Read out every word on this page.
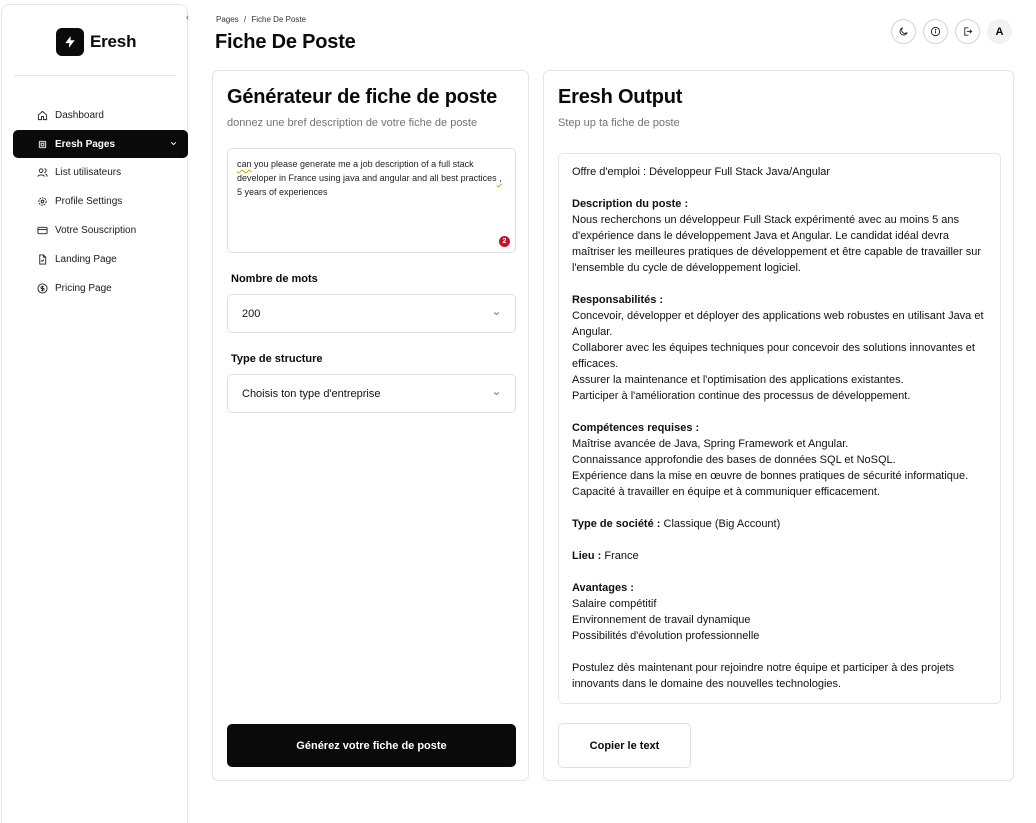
Eresh
Dashboard
Eresh Pages
List utilisateurs
Profile Settings
Votre Souscription
Landing Page
Pricing Page
‹	Pages / Fiche De Poste
Fiche De Poste	A
Générateur de fiche de poste
donnez une bref description de votre fiche de poste
can you please generate me a job description of a full stack developer in France using java and angular and all best practices , 5 years of experiences
2
Nombre de mots
200
Type de structure
Choisis ton type d'entreprise
Générez votre fiche de poste
Eresh Output
Step up ta fiche de poste

Offre d'emploi : Développeur Full Stack Java/Angular

Description du poste :
Nous recherchons un développeur Full Stack expérimenté avec au moins 5 ans d'expérience dans le développement Java et Angular. Le candidat idéal devra maîtriser les meilleures pratiques de développement et être capable de travailler sur l'ensemble du cycle de développement logiciel.

Responsabilités :
Concevoir, développer et déployer des applications web robustes en utilisant Java et Angular.
Collaborer avec les équipes techniques pour concevoir des solutions innovantes et efficaces.
Assurer la maintenance et l'optimisation des applications existantes.
Participer à l'amélioration continue des processus de développement.

Compétences requises :
Maîtrise avancée de Java, Spring Framework et Angular.
Connaissance approfondie des bases de données SQL et NoSQL.
Expérience dans la mise en œuvre de bonnes pratiques de sécurité informatique.
Capacité à travailler en équipe et à communiquer efficacement.

Type de société : Classique (Big Account)

Lieu : France

Avantages :
Salaire compétitif
Environnement de travail dynamique
Possibilités d'évolution professionnelle

Postulez dès maintenant pour rejoindre notre équipe et participer à des projets innovants dans le domaine des nouvelles technologies.

Copier le text
